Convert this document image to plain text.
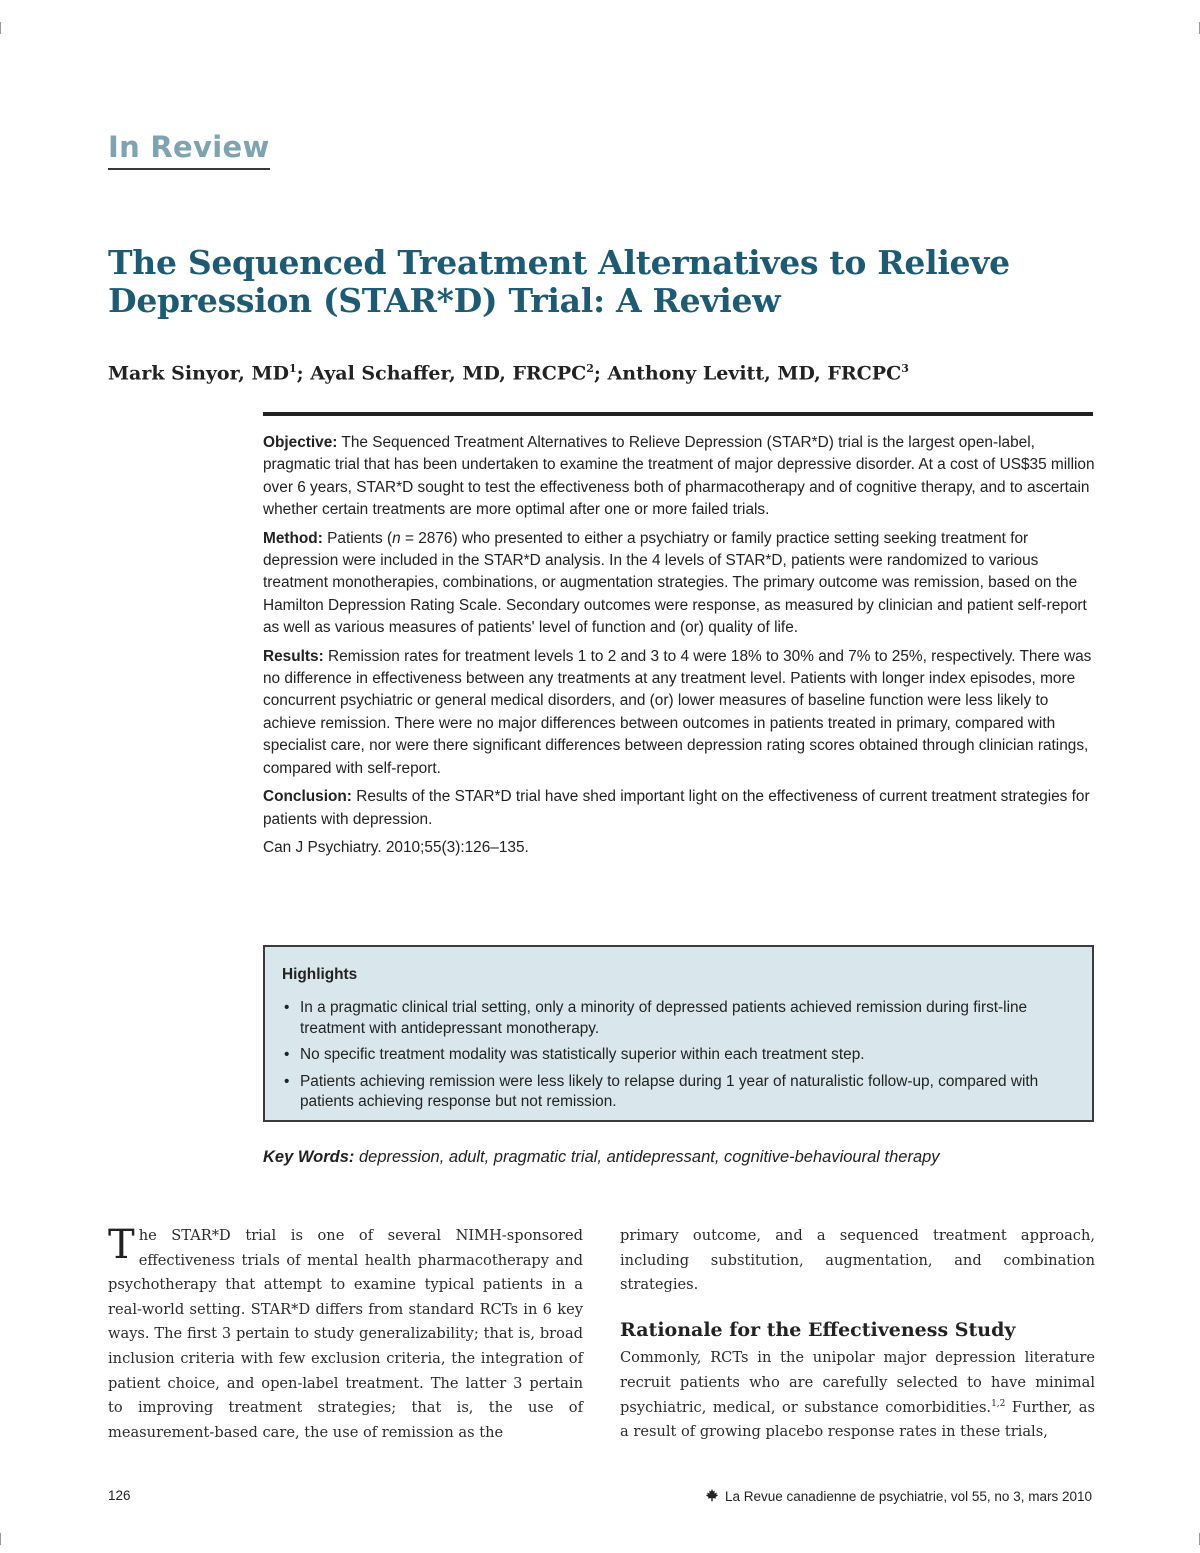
In Review
The Sequenced Treatment Alternatives to Relieve
Depression (STAR*D) Trial: A Review
Mark Sinyor, $MD^1$; Ayal Schaffer, MD, FRCPC$^2$; Anthony Levitt, MD, FRCPC$^3$

Objective: The Sequenced Treatment Alternatives to Relieve Depression (STAR*D) trial is the largest open-label, pragmatic trial that has been undertaken to examine the treatment of major depressive disorder. At a cost of US$35 million over 6 years, STAR*D sought to test the effectiveness both of pharmacotherapy and of cognitive therapy, and to ascertain whether certain treatments are more optimal after one or more failed trials.

Method: Patients (n = 2876) who presented to either a psychiatry or family practice setting seeking treatment for depression were included in the STAR*D analysis. In the 4 levels of STAR*D, patients were randomized to various treatment monotherapies, combinations, or augmentation strategies. The primary outcome was remission, based on the Hamilton Depression Rating Scale. Secondary outcomes were response, as measured by clinician and patient self-report as well as various measures of patients' level of function and (or) quality of life.

Results: Remission rates for treatment levels 1 to 2 and 3 to 4 were 18% to 30% and 7% to 25%, respectively. There was no difference in effectiveness between any treatments at any treatment level. Patients with longer index episodes, more concurrent psychiatric or general medical disorders, and (or) lower measures of baseline function were less likely to achieve remission. There were no major differences between outcomes in patients treated in primary, compared with specialist care, nor were there significant differences between depression rating scores obtained through clinician ratings, compared with self-report.

Conclusion: Results of the STAR*D trial have shed important light on the effectiveness of current treatment strategies for patients with depression.

Can J Psychiatry. 2010;55(3):126–135.

Highlights
• In a pragmatic clinical trial setting, only a minority of depressed patients achieved remission during first-line treatment with antidepressant monotherapy.
• No specific treatment modality was statistically superior within each treatment step.
• Patients achieving remission were less likely to relapse during 1 year of naturalistic follow-up, compared with patients achieving response but not remission.
Key Words: depression, adult, pragmatic trial, antidepressant, cognitive-behavioural therapy
The STAR*D trial is one of several NIMH-sponsored effectiveness trials of mental health pharmacotherapy and psychotherapy that attempt to examine typical patients in a real-world setting. STAR*D differs from standard RCTs in 6 key ways. The first 3 pertain to study generalizability; that is, broad inclusion criteria with few exclusion criteria, the integration of patient choice, and open-label treatment. The latter 3 pertain to improving treatment strategies; that is, the use of measurement-based care, the use of remission as the

primary outcome, and a sequenced treatment approach, including substitution, augmentation, and combination strategies.

Rationale for the Effectiveness Study

Commonly, RCTs in the unipolar major depression literature recruit patients who are carefully selected to have minimal psychiatric, medical, or substance comorbidities.$^{1,2}$ Further, as a result of growing placebo response rates in these trials,

126	La Revue canadienne de psychiatrie, vol 55, no 3, mars 2010
